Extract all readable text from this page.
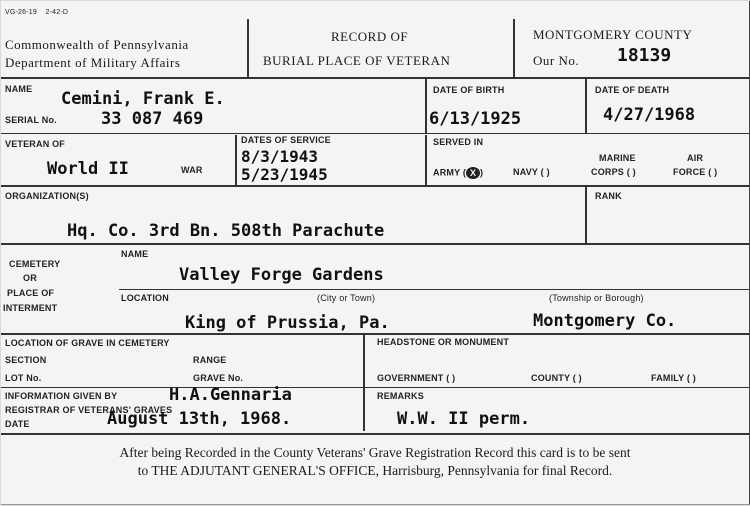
VG-26-19 2-42-D
Commonwealth of Pennsylvania
Department of Military Affairs
RECORD OF
BURIAL PLACE OF VETERAN
MONTGOMERY COUNTY
Our No. 18139
NAME Cemini, Frank E.
SERIAL No.	33 087 469
DATE OF BIRTH
6/13/1925
DATE OF DEATH
4/27/1968
VETERAN OF
World II	WAR
DATES OF SERVICE
8/3/1943
5/23/1945
SERVED IN
ARMY ( X )	NAVY ( )
MARINE
CORPS ( )
AIR
FORCE ( )
ORGANIZATION(S)
Hq. Co. 3rd Bn. 508th Parachute
RANK
CEMETERY
OR
PLACE OF
INTERMENT
NAME
Valley Forge Gardens
LOCATION	(City or Town)	(Township or Borough)
King of Prussia, Pa.	Montgomery Co.
LOCATION OF GRAVE IN CEMETERY
SECTION	RANGE
LOT No.	GRAVE No.
HEADSTONE OR MONUMENT
GOVERNMENT ( )	COUNTY ( )	FAMILY ( )
INFORMATION GIVEN BY	H.A.Gennaria
REGISTRAR OF VETERANS' GRAVES
DATE	August 13th, 1968.
REMARKS
W.W. II perm.
After being Recorded in the County Veterans' Grave Registration Record this card is to be sent
to THE ADJUTANT GENERAL'S OFFICE, Harrisburg, Pennsylvania for final Record.
